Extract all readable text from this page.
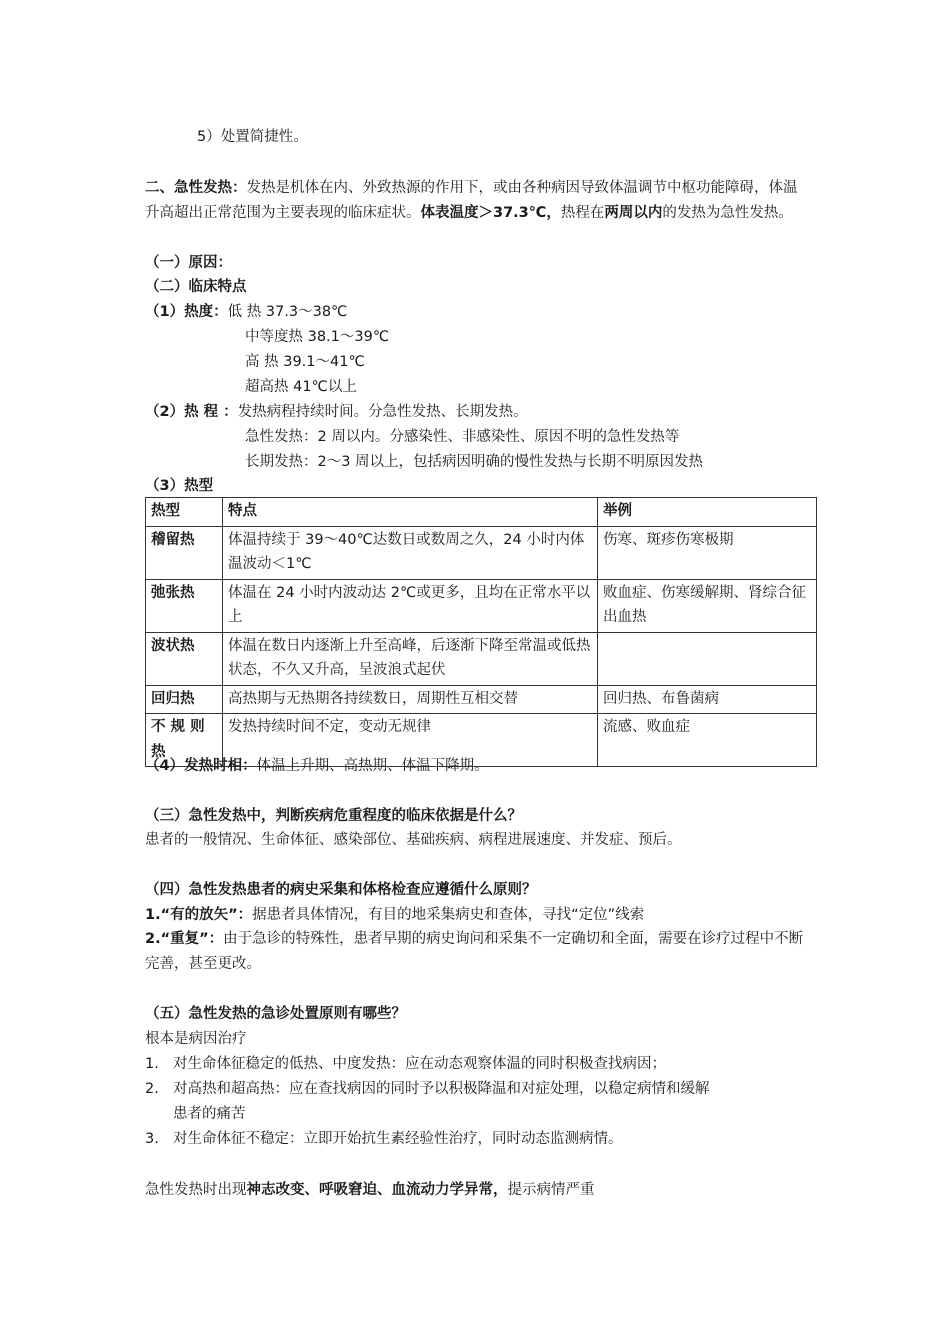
5）处置简捷性。
二、急性发热：发热是机体在内、外致热源的作用下，或由各种病因导致体温调节中枢功能障碍，体温升高超出正常范围为主要表现的临床症状。体表温度＞37.3℃，热程在两周以内的发热为急性发热。
（一）原因：
（二）临床特点
（1）热度：低 热 37.3～38℃
中等度热 38.1～39℃
高 热 39.1～41℃
超高热 41℃以上
（2）热 程 ：发热病程持续时间。分急性发热、长期发热。
急性发热：2 周以内。分感染性、非感染性、原因不明的急性发热等
长期发热：2～3 周以上，包括病因明确的慢性发热与长期不明原因发热
（3）热型
热型	特点	举例
稽留热	体温持续于 39～40℃达数日或数周之久，24 小时内体温波动＜1℃	伤寒、斑疹伤寒极期
弛张热	体温在 24 小时内波动达 2℃或更多，且均在正常水平以上	败血症、伤寒缓解期、肾综合征出血热
波状热	体温在数日内逐渐上升至高峰，后逐渐下降至常温或低热状态，不久又升高，呈波浪式起伏	
回归热	高热期与无热期各持续数日，周期性互相交替	回归热、布鲁菌病
不 规 则热	发热持续时间不定，变动无规律	流感、败血症
（4）发热时相：体温上升期、高热期、体温下降期。
（三）急性发热中，判断疾病危重程度的临床依据是什么？
患者的一般情况、生命体征、感染部位、基础疾病、病程进展速度、并发症、预后。
（四）急性发热患者的病史采集和体格检查应遵循什么原则？
1.“有的放矢”：据患者具体情况，有目的地采集病史和查体，寻找“定位”线索
2.“重复”：由于急诊的特殊性，患者早期的病史询问和采集不一定确切和全面，需要在诊疗过程中不断完善，甚至更改。
（五）急性发热的急诊处置原则有哪些？
根本是病因治疗
1. 对生命体征稳定的低热、中度发热：应在动态观察体温的同时积极查找病因；
2. 对高热和超高热：应在查找病因的同时予以积极降温和对症处理，以稳定病情和缓解
患者的痛苦
3. 对生命体征不稳定：立即开始抗生素经验性治疗，同时动态监测病情。
急性发热时出现神志改变、呼吸窘迫、血流动力学异常，提示病情严重
